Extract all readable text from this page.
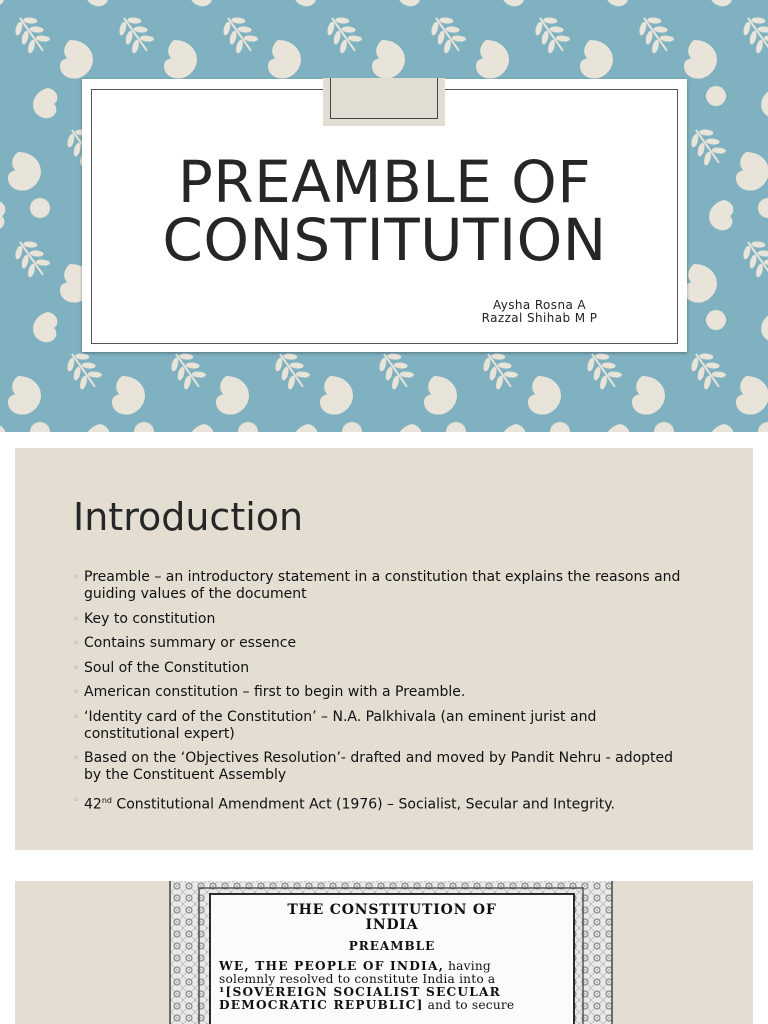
PREAMBLE OF
CONSTITUTION
Aysha Rosna A
Razzal Shihab M P
Introduction
◦ Preamble – an introductory statement in a constitution that explains the reasons and guiding values of the document
◦ Key to constitution
◦ Contains summary or essence
◦ Soul of the Constitution
◦ American constitution – first to begin with a Preamble.
◦ ‘Identity card of the Constitution’ – N.A. Palkhivala (an eminent jurist and constitutional expert)
◦ Based on the ‘Objectives Resolution’- drafted and moved by Pandit Nehru - adopted by the Constituent Assembly
◦ 42nd Constitutional Amendment Act (1976) – Socialist, Secular and Integrity.
THE CONSTITUTION OF
INDIA
PREAMBLE
WE, THE PEOPLE OF INDIA, having
solemnly resolved to constitute India into a
¹[SOVEREIGN SOCIALIST SECULAR
DEMOCRATIC REPUBLIC] and to secure
